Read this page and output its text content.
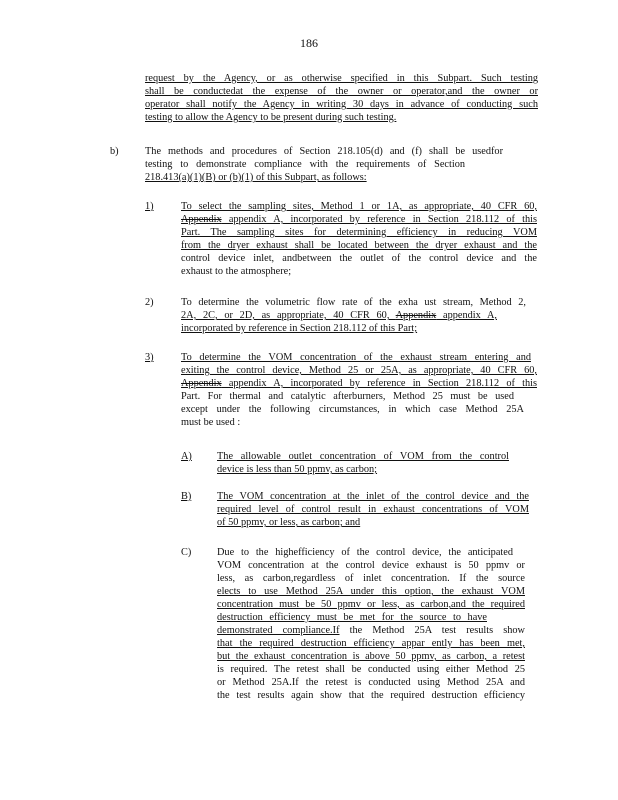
186
request by the Agency, or as otherwise specified in this Subpart. Such testing
shall be conductedat the expense of the owner or operator,and the owner or
operator shall notify the Agency in writing 30 days in advance of conducting such
testing to allow the Agency to be present during such testing.
b)	The methods and procedures of Section 218.105(d) and (f) shall be usedfor
testing to demonstrate compliance with the requirements of Section
218.413(a)(1)(B) or (b)(1) of this Subpart, as follows:
1)	To select the sampling sites, Method 1 or 1A, as appropriate, 40 CFR 60,
Appendix appendix A, incorporated by reference in Section 218.112 of this
Part. The sampling sites for determining efficiency in reducing VOM
from the dryer exhaust shall be located between the dryer exhaust and the
control device inlet, andbetween the outlet of the control device and the
exhaust to the atmosphere;
2)	To determine the volumetric flow rate of the exha ust stream, Method 2,
2A, 2C, or 2D, as appropriate, 40 CFR 60, Appendix appendix A,
incorporated by reference in Section 218.112 of this Part;
3)	To determine the VOM concentration of the exhaust stream entering and
exiting the control device, Method 25 or 25A, as appropriate, 40 CFR 60,
Appendix appendix A, incorporated by reference in Section 218.112 of this
Part. For thermal and catalytic afterburners, Method 25 must be used
except under the following circumstances, in which case Method 25A
must be used :
A) The allowable outlet concentration of VOM from the control
device is less than 50 ppmv, as carbon;
B) The VOM concentration at the inlet of the control device and the
required level of control result in exhaust concentrations of VOM
of 50 ppmv, or less, as carbon; and
C) Due to the highefficiency of the control device, the anticipated
VOM concentration at the control device exhaust is 50 ppmv or
less, as carbon,regardless of inlet concentration. If the source
elects to use Method 25A under this option, the exhaust VOM
concentration must be 50 ppmv or less, as carbon,and the required
destruction efficiency must be met for the source to have
demonstrated compliance.If the Method 25A test results show
that the required destruction efficiency appar ently has been met,
but the exhaust concentration is above 50 ppmv, as carbon, a retest
is required. The retest shall be conducted using either Method 25
or Method 25A.If the retest is conducted using Method 25A and
the test results again show that the required destruction efficiency
